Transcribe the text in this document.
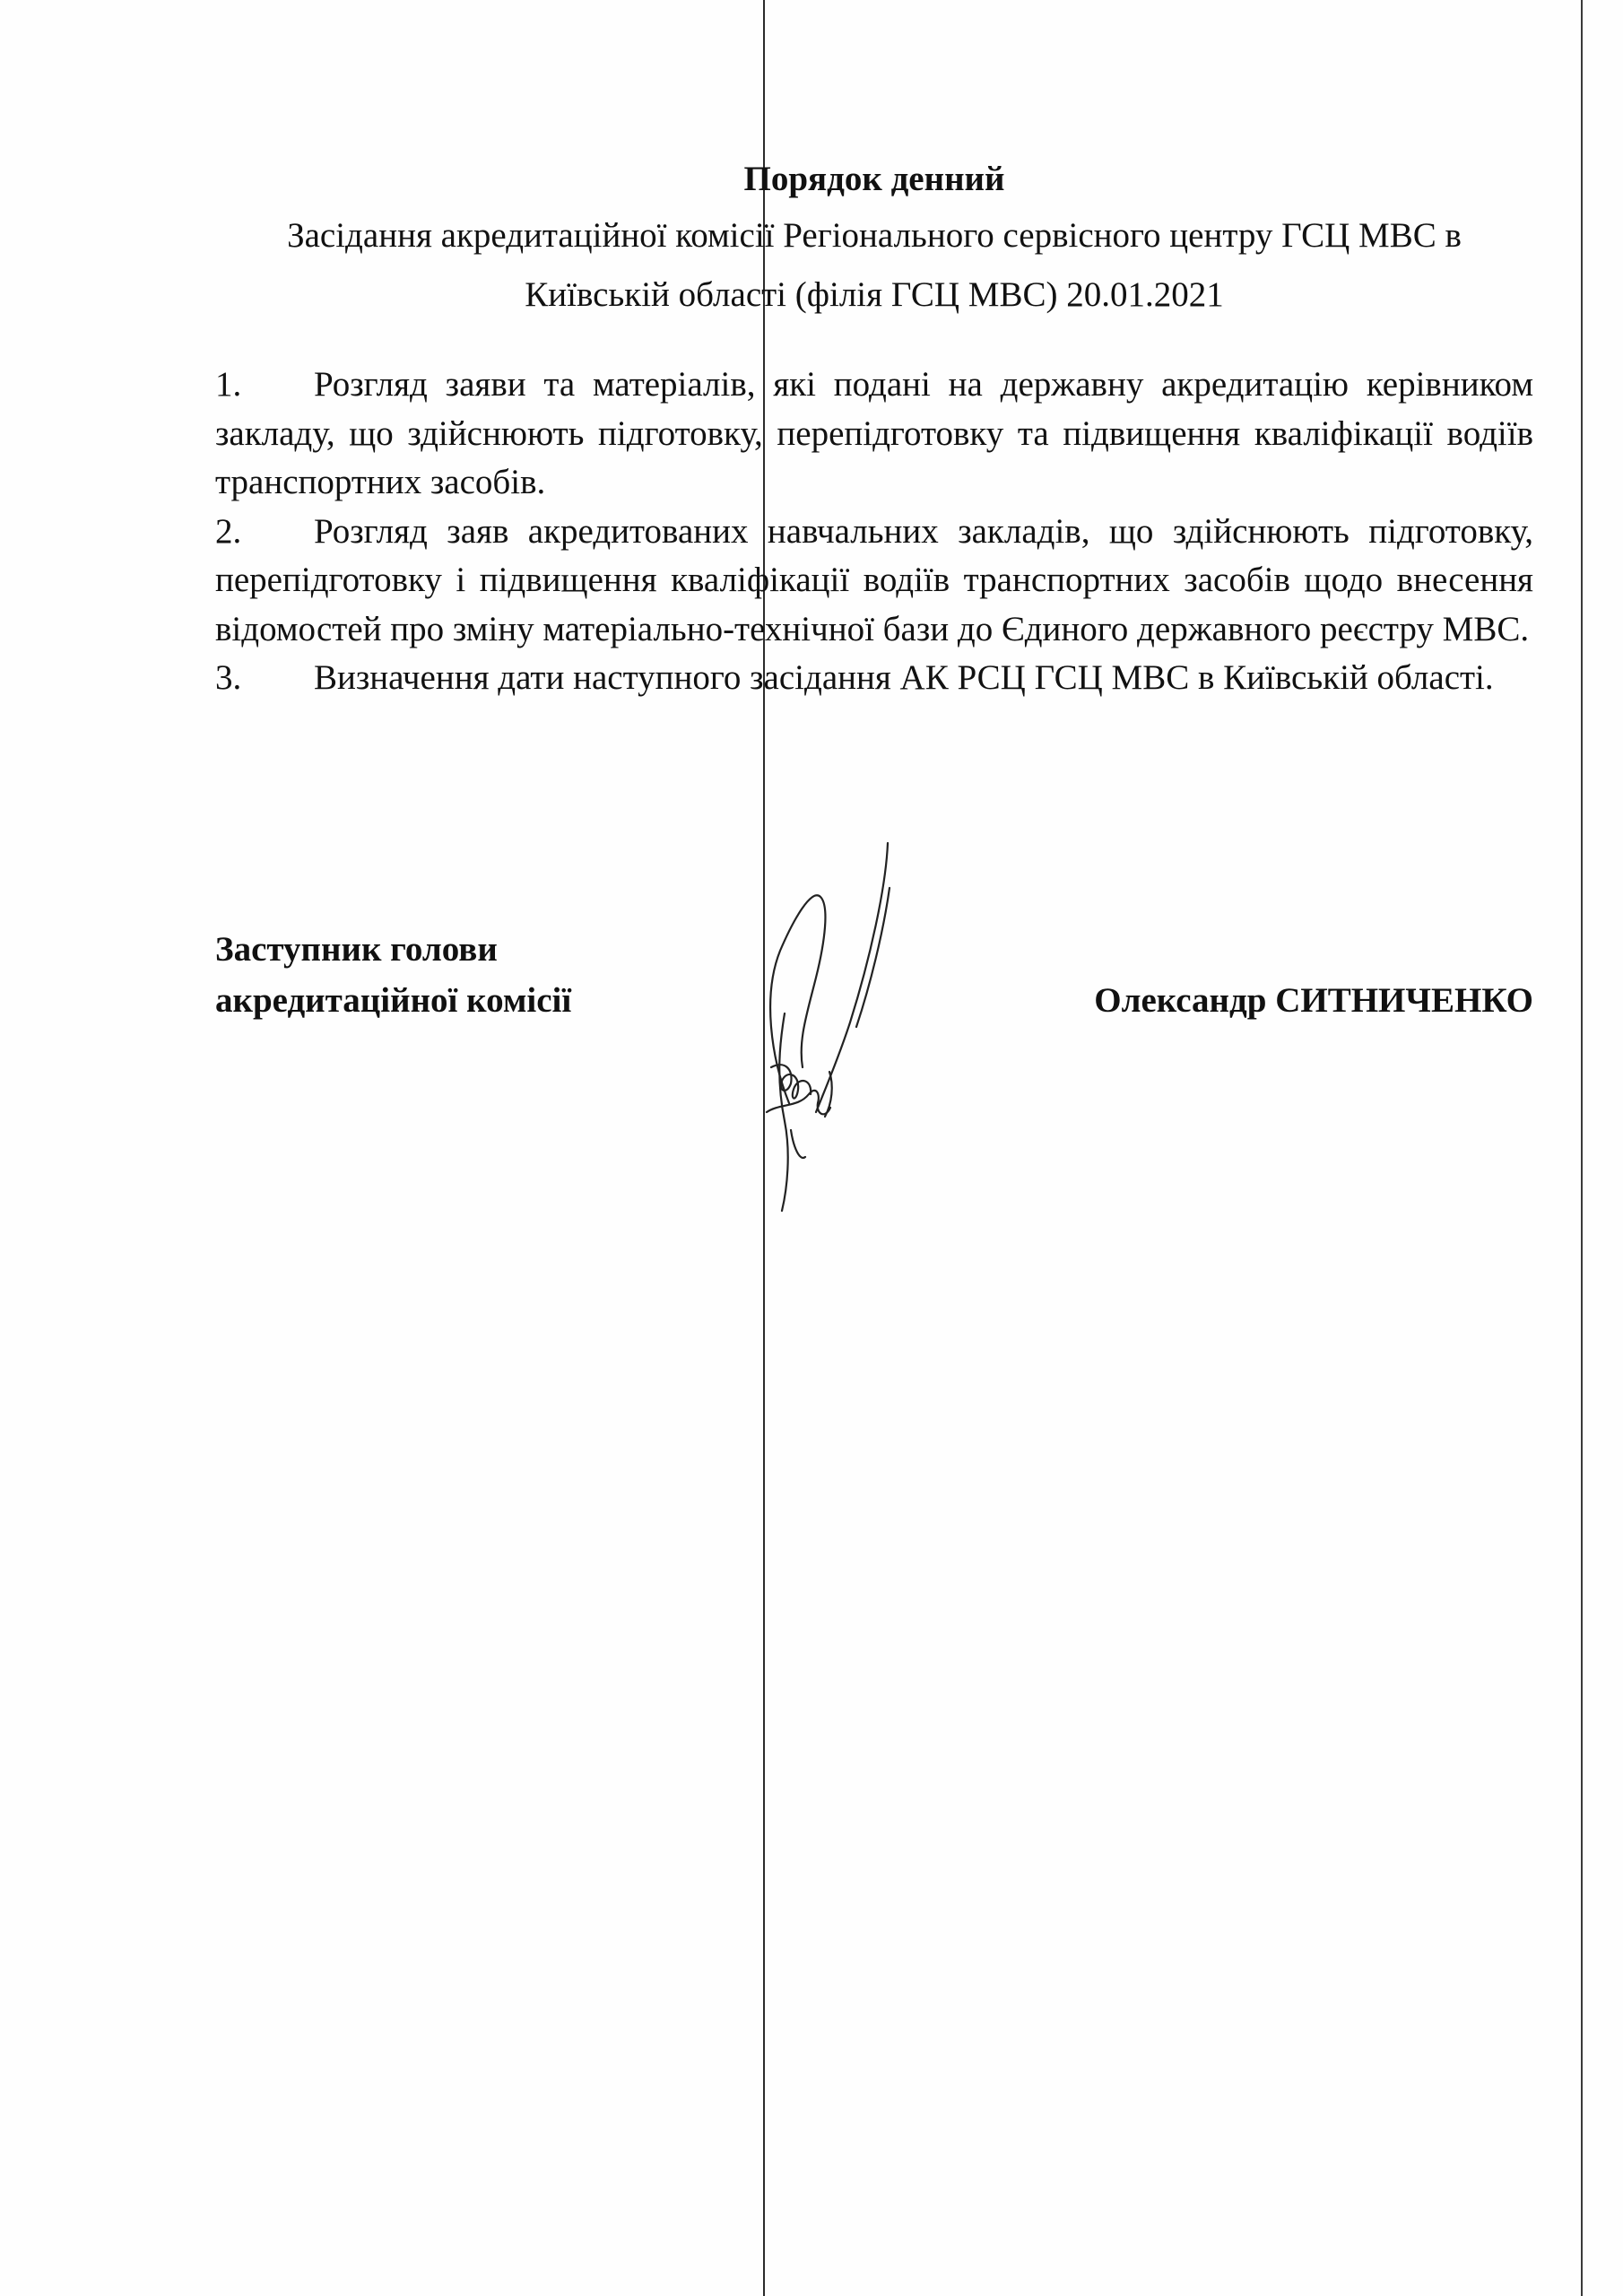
Порядок денний

Засідання акредитаційної комісії Регіонального сервісного центру ГСЦ МВС в

Київській області (філія ГСЦ МВС) 20.01.2021

1. Розгляд заяви та матеріалів, які подані на державну акредитацію керівником закладу, що здійснюють підготовку, перепідготовку та підвищення кваліфікації водіїв транспортних засобів.
2. Розгляд заяв акредитованих навчальних закладів, що здійснюють підготовку, перепідготовку і підвищення кваліфікації водіїв транспортних засобів щодо внесення відомостей про зміну матеріально-технічної бази до Єдиного державного реєстру МВС.
3. Визначення дати наступного засідання АК РСЦ ГСЦ МВС в Київській області.

Заступник голови
акредитаційної комісії	Олександр СИТНИЧЕНКО
